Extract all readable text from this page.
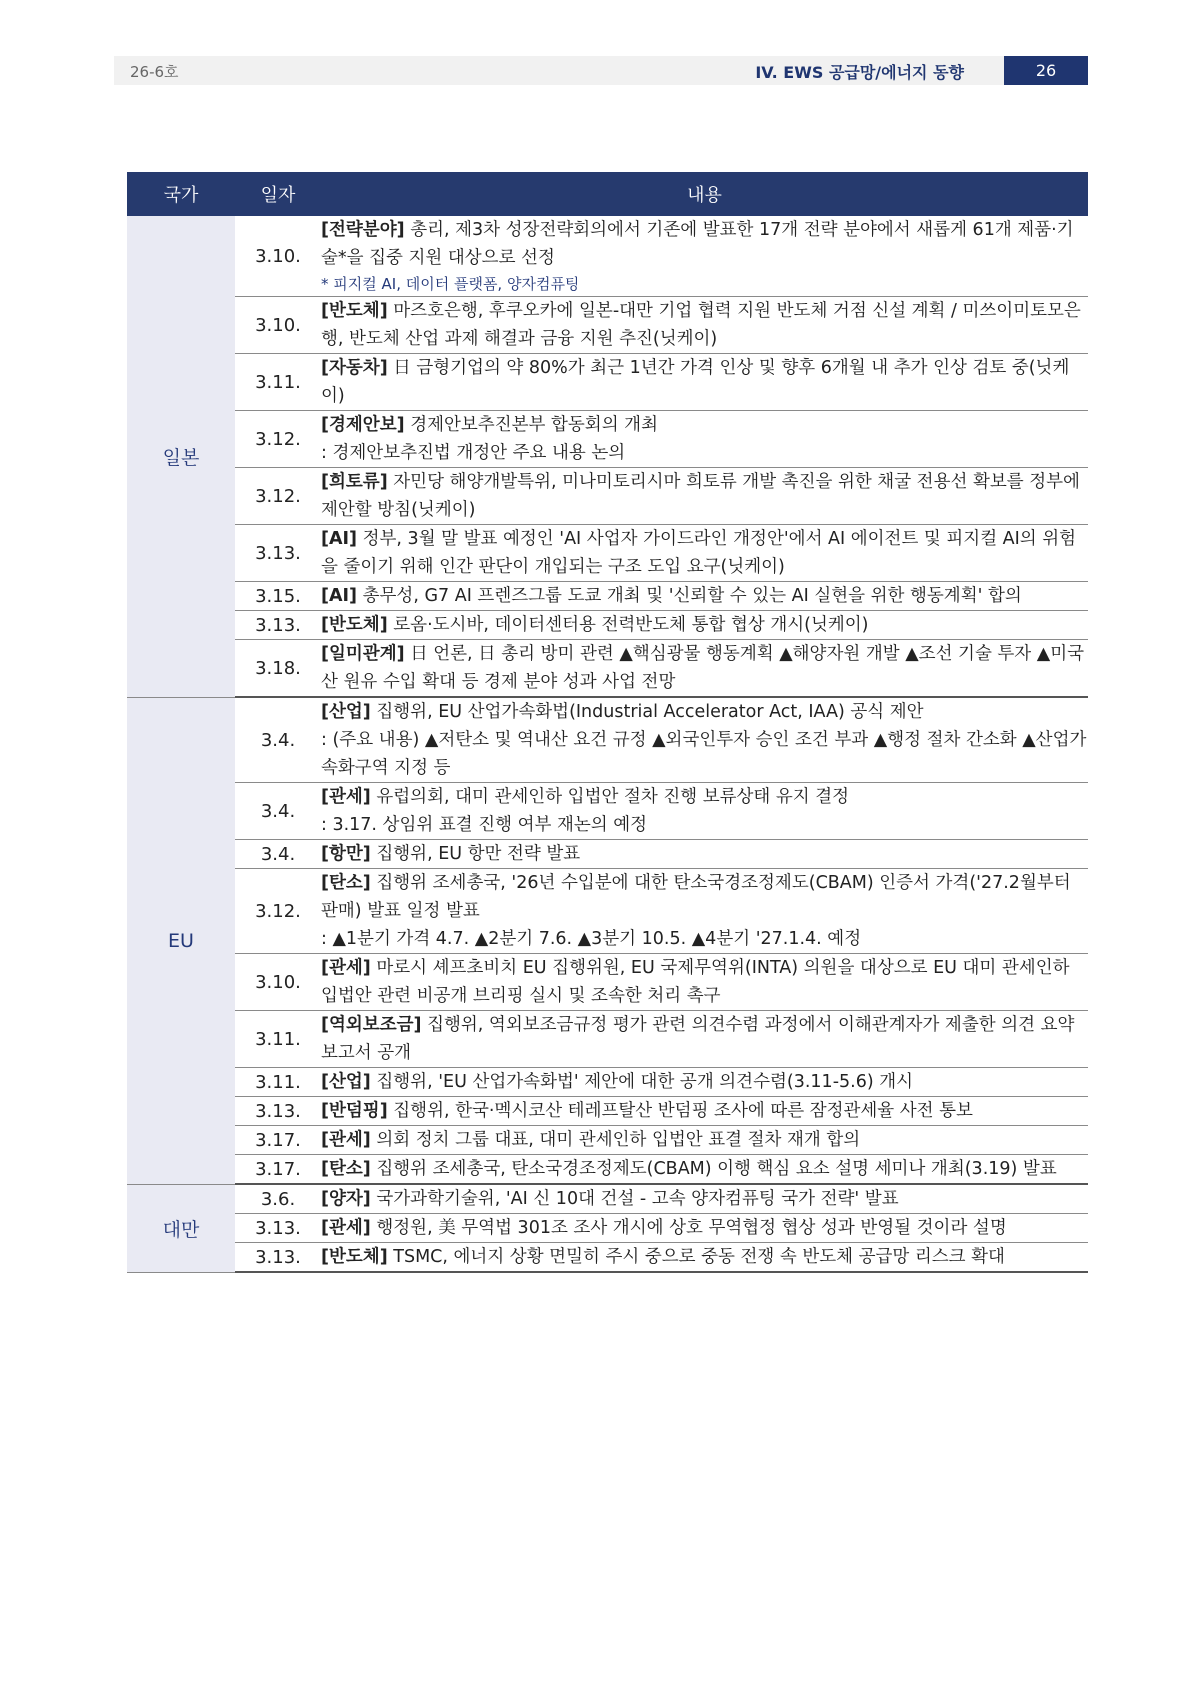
26-6호	IV. EWS 공급망/에너지 동향	26
국가	일자	내용
일본	3.10.	[전략분야] 총리, 제3차 성장전략회의에서 기존에 발표한 17개 전략 분야에서 새롭게 61개 제품·기술*을 집중 지원 대상으로 선정
* 피지컬 AI, 데이터 플랫폼, 양자컴퓨팅

	3.10.	[반도체] 마즈호은행, 후쿠오카에 일본-대만 기업 협력 지원 반도체 거점 신설 계획 / 미쓰이미토모은행, 반도체 산업 과제 해결과 금융 지원 추진(닛케이)
	3.11.	[자동차] 日 금형기업의 약 80%가 최근 1년간 가격 인상 및 향후 6개월 내 추가 인상 검토 중(닛케이)
	3.12.	[경제안보] 경제안보추진본부 합동회의 개최
: 경제안보추진법 개정안 주요 내용 논의

	3.12.	[희토류] 자민당 해양개발특위, 미나미토리시마 희토류 개발 촉진을 위한 채굴 전용선 확보를 정부에 제안할 방침(닛케이)
	3.13.	[AI] 정부, 3월 말 발표 예정인 'AI 사업자 가이드라인 개정안'에서 AI 에이전트 및 피지컬 AI의 위험을 줄이기 위해 인간 판단이 개입되는 구조 도입 요구(닛케이)
	3.15.	[AI] 총무성, G7 AI 프렌즈그룹 도쿄 개최 및 '신뢰할 수 있는 AI 실현을 위한 행동계획' 합의
	3.13.	[반도체] 로옴·도시바, 데이터센터용 전력반도체 통합 협상 개시(닛케이)
	3.18.	[일미관계] 日 언론, 日 총리 방미 관련 ▲핵심광물 행동계획 ▲해양자원 개발 ▲조선 기술 투자 ▲미국산 원유 수입 확대 등 경제 분야 성과 사업 전망
EU	3.4.	[산업] 집행위, EU 산업가속화법(Industrial Accelerator Act, IAA) 공식 제안
: (주요 내용) ▲저탄소 및 역내산 요건 규정 ▲외국인투자 승인 조건 부과 ▲행정 절차 간소화 ▲산업가속화구역 지정 등

	3.4.	[관세] 유럽의회, 대미 관세인하 입법안 절차 진행 보류상태 유지 결정
: 3.17. 상임위 표결 진행 여부 재논의 예정

	3.4.	[항만] 집행위, EU 항만 전략 발표
	3.12.	[탄소] 집행위 조세총국, '26년 수입분에 대한 탄소국경조정제도(CBAM) 인증서 가격('27.2월부터 판매) 발표 일정 발표
: ▲1분기 가격 4.7. ▲2분기 7.6. ▲3분기 10.5. ▲4분기 '27.1.4. 예정

	3.10.	[관세] 마로시 셰프초비치 EU 집행위원, EU 국제무역위(INTA) 의원을 대상으로 EU 대미 관세인하 입법안 관련 비공개 브리핑 실시 및 조속한 처리 촉구
	3.11.	[역외보조금] 집행위, 역외보조금규정 평가 관련 의견수렴 과정에서 이해관계자가 제출한 의견 요약 보고서 공개
	3.11.	[산업] 집행위, 'EU 산업가속화법' 제안에 대한 공개 의견수렴(3.11-5.6) 개시
	3.13.	[반덤핑] 집행위, 한국·멕시코산 테레프탈산 반덤핑 조사에 따른 잠정관세율 사전 통보
	3.17.	[관세] 의회 정치 그룹 대표, 대미 관세인하 입법안 표결 절차 재개 합의
	3.17.	[탄소] 집행위 조세총국, 탄소국경조정제도(CBAM) 이행 핵심 요소 설명 세미나 개최(3.19) 발표
대만	3.6.	[양자] 국가과학기술위, 'AI 신 10대 건설 - 고속 양자컴퓨팅 국가 전략' 발표
	3.13.	[관세] 행정원, 美 무역법 301조 조사 개시에 상호 무역협정 협상 성과 반영될 것이라 설명
	3.13.	[반도체] TSMC, 에너지 상황 면밀히 주시 중으로 중동 전쟁 속 반도체 공급망 리스크 확대
